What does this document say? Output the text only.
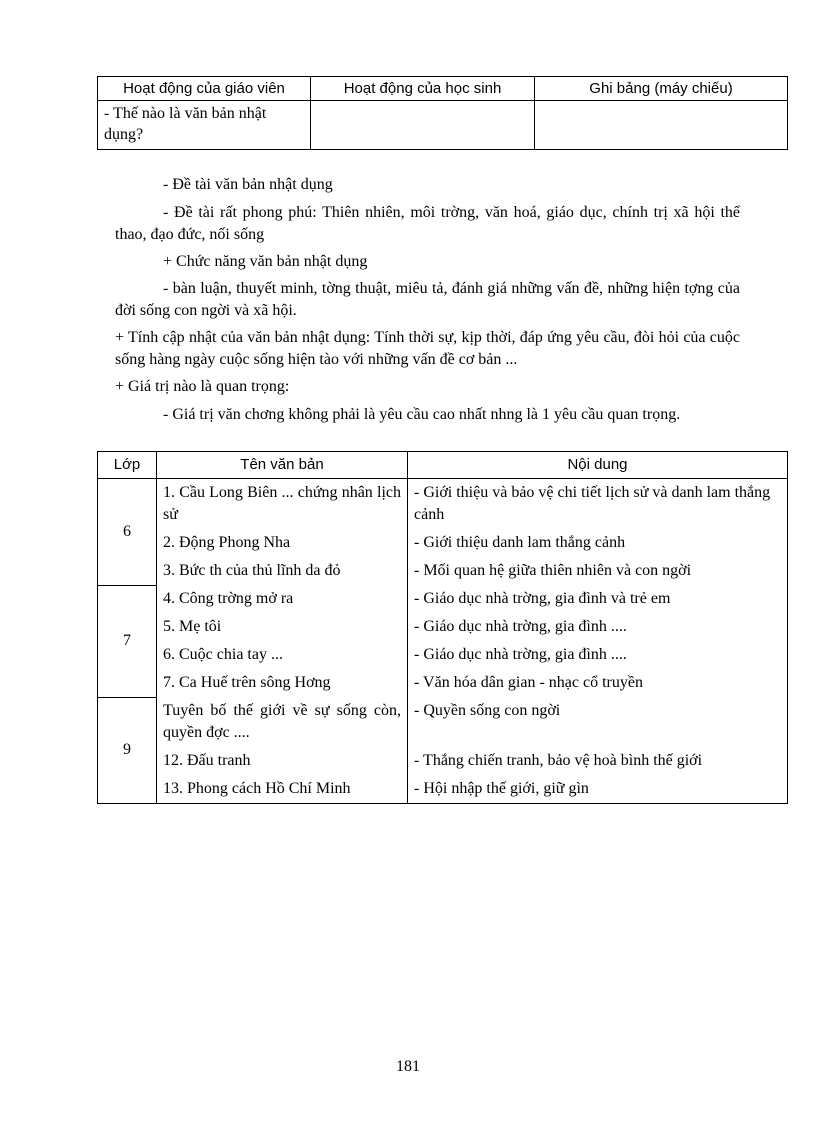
Hoạt động của giáo viên	Hoạt động của học sinh	Ghi bảng (máy chiếu)
- Thế nào là văn bản nhật dụng?		
- Đề tài văn bản nhật dụng
- Đề tài rất phong phú: Thiên nhiên, môi trờng, văn hoá, giáo dục, chính trị xã hội thể thao, đạo đức, nối sống
+ Chức năng văn bản nhật dụng
- bàn luận, thuyết minh, tờng thuật, miêu tả, đánh giá những vấn đề, những hiện tợng của đời sống con ngời và xã hội.
+ Tính cập nhật của văn bản nhật dụng: Tính thời sự, kịp thời, đáp ứng yêu cầu, đòi hỏi của cuộc sống hàng ngày cuộc sống hiện tào với những vấn đề cơ bản ...
+ Giá trị nào là quan trọng:
- Giá trị văn chơng không phải là yêu cầu cao nhất nhng là 1 yêu cầu quan trọng.
Lớp	Tên văn bản	Nội dung
6	1. Cầu Long Biên ... chứng nhân lịch sử	- Giới thiệu và bảo vệ chi tiết lịch sử và danh lam thắng cảnh
	2. Động Phong Nha	- Giới thiệu danh lam thắng cảnh
	3. Bức th của thủ lĩnh da đỏ	- Mối quan hệ giữa thiên nhiên và con ngời
7	4. Công trờng mở ra	- Giáo dục nhà trờng, gia đình và trẻ em
	5. Mẹ tôi	- Giáo dục nhà trờng, gia đình ....
	6. Cuộc chia tay ...	- Giáo dục nhà trờng, gia đình ....
	7. Ca Huế trên sông Hơng	- Văn hóa dân gian - nhạc cổ truyền
9	Tuyên bố thế giới về sự sống còn, quyền đợc ....	- Quyền sống con ngời
	12. Đấu tranh	- Thắng chiến tranh, bảo vệ hoà bình thế giới
	13. Phong cách Hồ Chí Minh	- Hội nhập thế giới, giữ gìn
181
